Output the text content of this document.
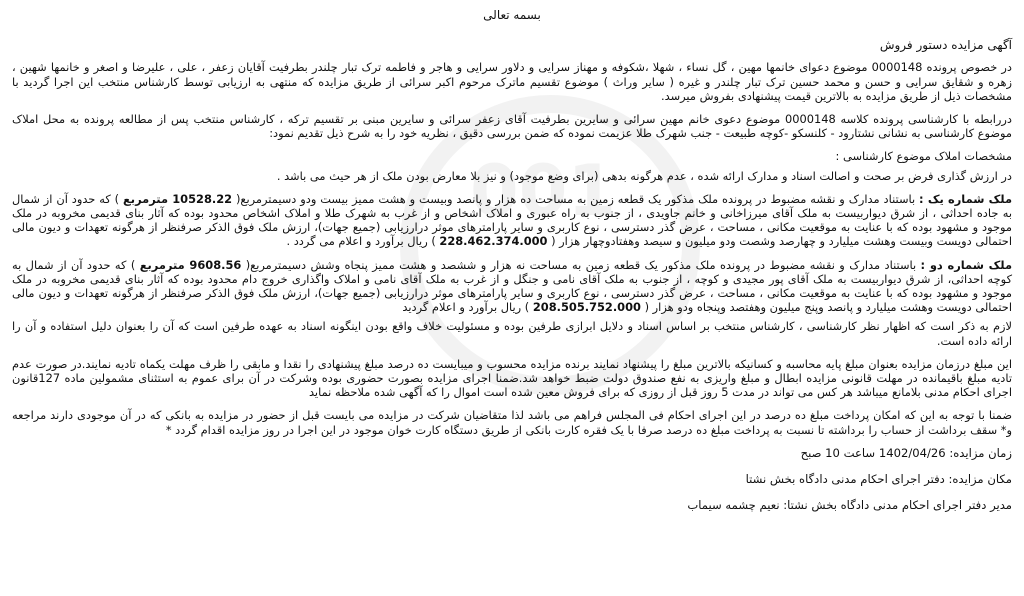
001

بسمه تعالی

آگهی مزایده دستور فروش

در خصوص پرونده 0000148 موضوع دعوای خانمها مهین ، گل نساء ، شهلا ،شکوفه و مهناز سرایی و دلاور سرایی و هاجر و فاطمه ترک تبار چلندر بطرفیت آقایان زعفر ، علی ، علیرضا و اصغر و خانمها شهین ، زهره و شقایق سرایی و حسن و محمد حسین ترک تبار چلندر و غیره ( سایر وراث ) موضوع تقسیم ماترک مرحوم اکبر سرائی از طریق مزایده که منتهی به ارزیابی توسط کارشناس منتخب این اجرا گردید با مشخصات ذیل از طریق مزایده به بالاترین قیمت پیشنهادی بفروش میرسد.

دررابطه با کارشناسی پرونده کلاسه 0000148 موضوع دعوی خانم مهین سرائی و سایرین بطرفیت آقای زعفر سرائی و سایرین مبنی بر تقسیم ترکه ، کارشناس منتخب پس از مطالعه پرونده به محل املاک موضوع کارشناسی به نشانی نشتارود - کلنسکو -کوچه طبیعت - جنب شهرک طلا عزیمت نموده که ضمن بررسی دقیق ، نظریه خود را به شرح ذیل تقدیم نمود:

مشخصات املاک موضوع کارشناسی :

در ارزش گذاری فرض بر صحت و اصالت اسناد و مدارک ارائه شده ، عدم هرگونه بدهی (برای وضع موجود) و نیز بلا معارض بودن ملک از هر حیث می باشد .

ملک شماره یک : باستناد مدارک و نقشه مضبوط در پرونده ملک مذکور یک قطعه زمین به مساحت ده هزار و پانصد وبیست و هشت ممیز بیست ودو دسیمترمربع( 10528.22 مترمربع ) که حدود آن از شمال به جاده احداثی ، از شرق دیواربیست به ملک آقای میرزاخانی و خانم جاویدی ، از جنوب به راه عبوری و املاک اشخاص و از غرب به شهرک طلا و املاک اشخاص محدود بوده که آثار بنای قدیمی مخروبه در ملک موجود و مشهود بوده که با عنایت به موقعیت مکانی ، مساحت ، عرض گذر دسترسی ، نوع کاربری و سایر پارامترهای موثر درارزیابی (جمیع جهات)، ارزش ملک فوق الذکر صرفنظر از هرگونه تعهدات و دیون مالی احتمالی دویست وبیست وهشت میلیارد و چهارصد وشصت ودو میلیون و سیصد وهفتادوچهار هزار ( 228.462.374.000 ) ریال برآورد و اعلام می گردد .

ملک شماره دو : باستناد مدارک و نقشه مضبوط در پرونده ملک مذکور یک قطعه زمین به مساحت نه هزار و ششصد و هشت ممیز پنجاه وشش دسیمترمربع( 9608.56 مترمربع ) که حدود آن از شمال به کوچه احداثی، از شرق دیواربیست به ملک آقای پور مجیدی و کوچه ، از جنوب به ملک آقای نامی و جنگل و از غرب به ملک آقای نامی و املاک واگذاری خروج دام محدود بوده که آثار بنای قدیمی مخروبه در ملک موجود و مشهود بوده که با عنایت به موقعیت مکانی ، مساحت ، عرض گذر دسترسی ، نوع کاربری و سایر پارامترهای موثر درارزیابی (جمیع جهات)، ارزش ملک فوق الذکر صرفنظر از هرگونه تعهدات و دیون مالی احتمالی دویست وهشت میلیارد و پانصد وپنج میلیون وهفتصد وپنجاه ودو هزار ( 208.505.752.000 ) ریال برآورد و اعلام گردید

لازم به ذکر است که اظهار نظر کارشناسی ، کارشناس منتخب بر اساس اسناد و دلایل ابرازی طرفین بوده و مسئولیت خلاف واقع بودن اینگونه اسناد به عهده طرفین است که آن را بعنوان دلیل استفاده و آن را ارائه داده است.

این مبلغ درزمان مزایده بعنوان مبلغ پایه محاسبه و کسانیکه بالاترین مبلغ را پیشنهاد نمایند برنده مزایده محسوب و میبایست ده درصد مبلغ پیشنهادی را نقدا و مابقی را ظرف مهلت یکماه تادیه نمایند.در صورت عدم تادیه مبلغ باقیمانده در مهلت قانونی مزایده ابطال و مبلغ واریزی به نفع صندوق دولت ضبط خواهد شد.ضمنا اجرای مزایده بصورت حضوری بوده وشرکت در آن برای عموم به استثنای مشمولین ماده 127قانون اجرای احکام مدنی بلامانع میباشد هر کس می تواند در مدت 5 روز قبل از روزی که برای فروش معین شده است اموال را که آگهی شده ملاحظه نماید

ضمنا با توجه به این که امکان پرداخت مبلغ ده درصد در این اجرای احکام فی المجلس فراهم می باشد لذا متقاضیان شرکت در مزایده می بایست قبل از حضور در مزایده به بانکی که در آن موجودی دارند مراجعه و* سقف برداشت از حساب را برداشته تا نسبت به پرداخت مبلغ ده درصد صرفا با یک فقره کارت بانکی از طریق دستگاه کارت خوان موجود در این اجرا در روز مزایده اقدام گردد *

زمان مزایده: 1402/04/26 ساعت 10 صبح

مکان مزایده: دفتر اجرای احکام مدنی دادگاه بخش نشتا

مدیر دفتر اجرای احکام مدنی دادگاه بخش نشتا: نعیم چشمه سیماب
